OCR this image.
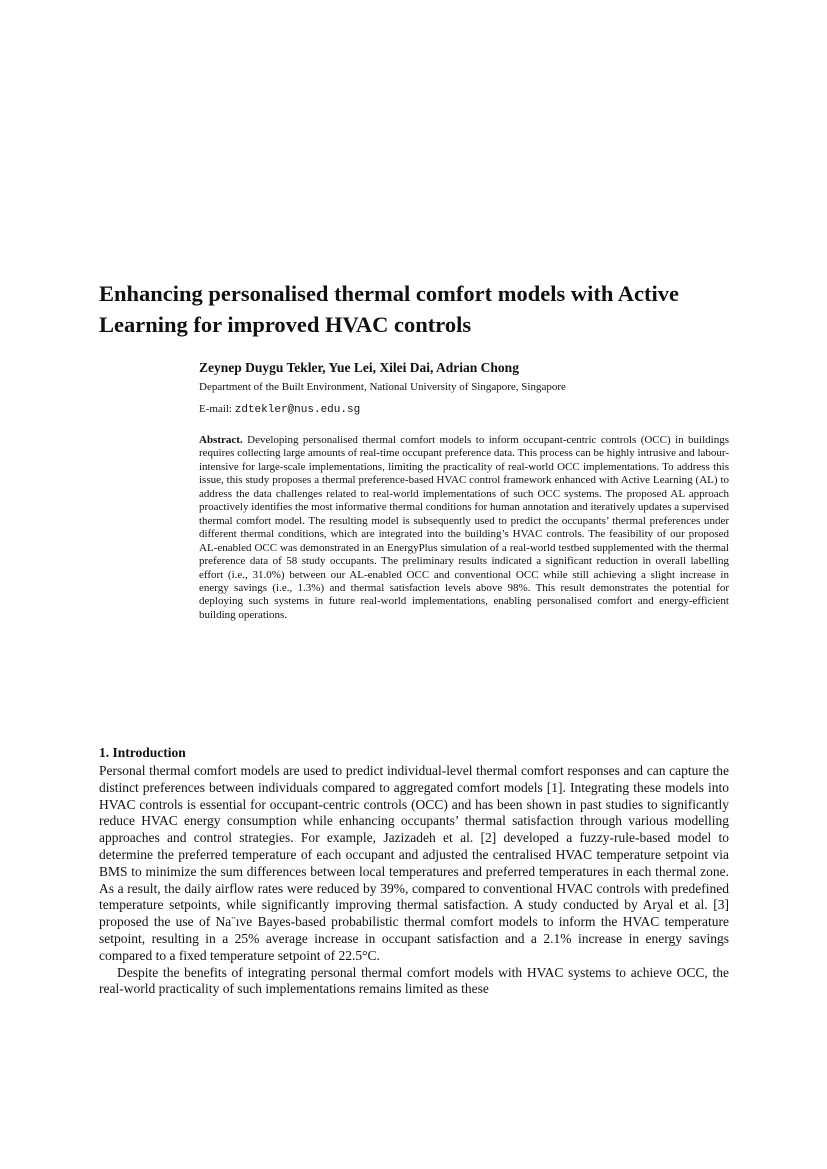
Enhancing personalised thermal comfort models with Active Learning for improved HVAC controls
Zeynep Duygu Tekler, Yue Lei, Xilei Dai, Adrian Chong
Department of the Built Environment, National University of Singapore, Singapore
E-mail: zdtekler@nus.edu.sg

Abstract. Developing personalised thermal comfort models to inform occupant-centric controls (OCC) in buildings requires collecting large amounts of real-time occupant preference data. This process can be highly intrusive and labour-intensive for large-scale implementations, limiting the practicality of real-world OCC implementations. To address this issue, this study proposes a thermal preference-based HVAC control framework enhanced with Active Learning (AL) to address the data challenges related to real-world implementations of such OCC systems. The proposed AL approach proactively identifies the most informative thermal conditions for human annotation and iteratively updates a supervised thermal comfort model. The resulting model is subsequently used to predict the occupants’ thermal preferences under different thermal conditions, which are integrated into the building’s HVAC controls. The feasibility of our proposed AL-enabled OCC was demonstrated in an EnergyPlus simulation of a real-world testbed supplemented with the thermal preference data of 58 study occupants. The preliminary results indicated a significant reduction in overall labelling effort (i.e., 31.0%) between our AL-enabled OCC and conventional OCC while still achieving a slight increase in energy savings (i.e., 1.3%) and thermal satisfaction levels above 98%. This result demonstrates the potential for deploying such systems in future real-world implementations, enabling personalised comfort and energy-efficient building operations.

1. Introduction

Personal thermal comfort models are used to predict individual-level thermal comfort responses and can capture the distinct preferences between individuals compared to aggregated comfort models [1]. Integrating these models into HVAC controls is essential for occupant-centric controls (OCC) and has been shown in past studies to significantly reduce HVAC energy consumption while enhancing occupants’ thermal satisfaction through various modelling approaches and control strategies. For example, Jazizadeh et al. [2] developed a fuzzy-rule-based model to determine the preferred temperature of each occupant and adjusted the centralised HVAC temperature setpoint via BMS to minimize the sum differences between local temperatures and preferred temperatures in each thermal zone. As a result, the daily airflow rates were reduced by 39%, compared to conventional HVAC controls with predefined temperature setpoints, while significantly improving thermal satisfaction. A study conducted by Aryal et al. [3] proposed the use of Na¨ıve Bayes-based probabilistic thermal comfort models to inform the HVAC temperature setpoint, resulting in a 25% average increase in occupant satisfaction and a 2.1% increase in energy savings compared to a fixed temperature setpoint of 22.5°C.

Despite the benefits of integrating personal thermal comfort models with HVAC systems to achieve OCC, the real-world practicality of such implementations remains limited as these
